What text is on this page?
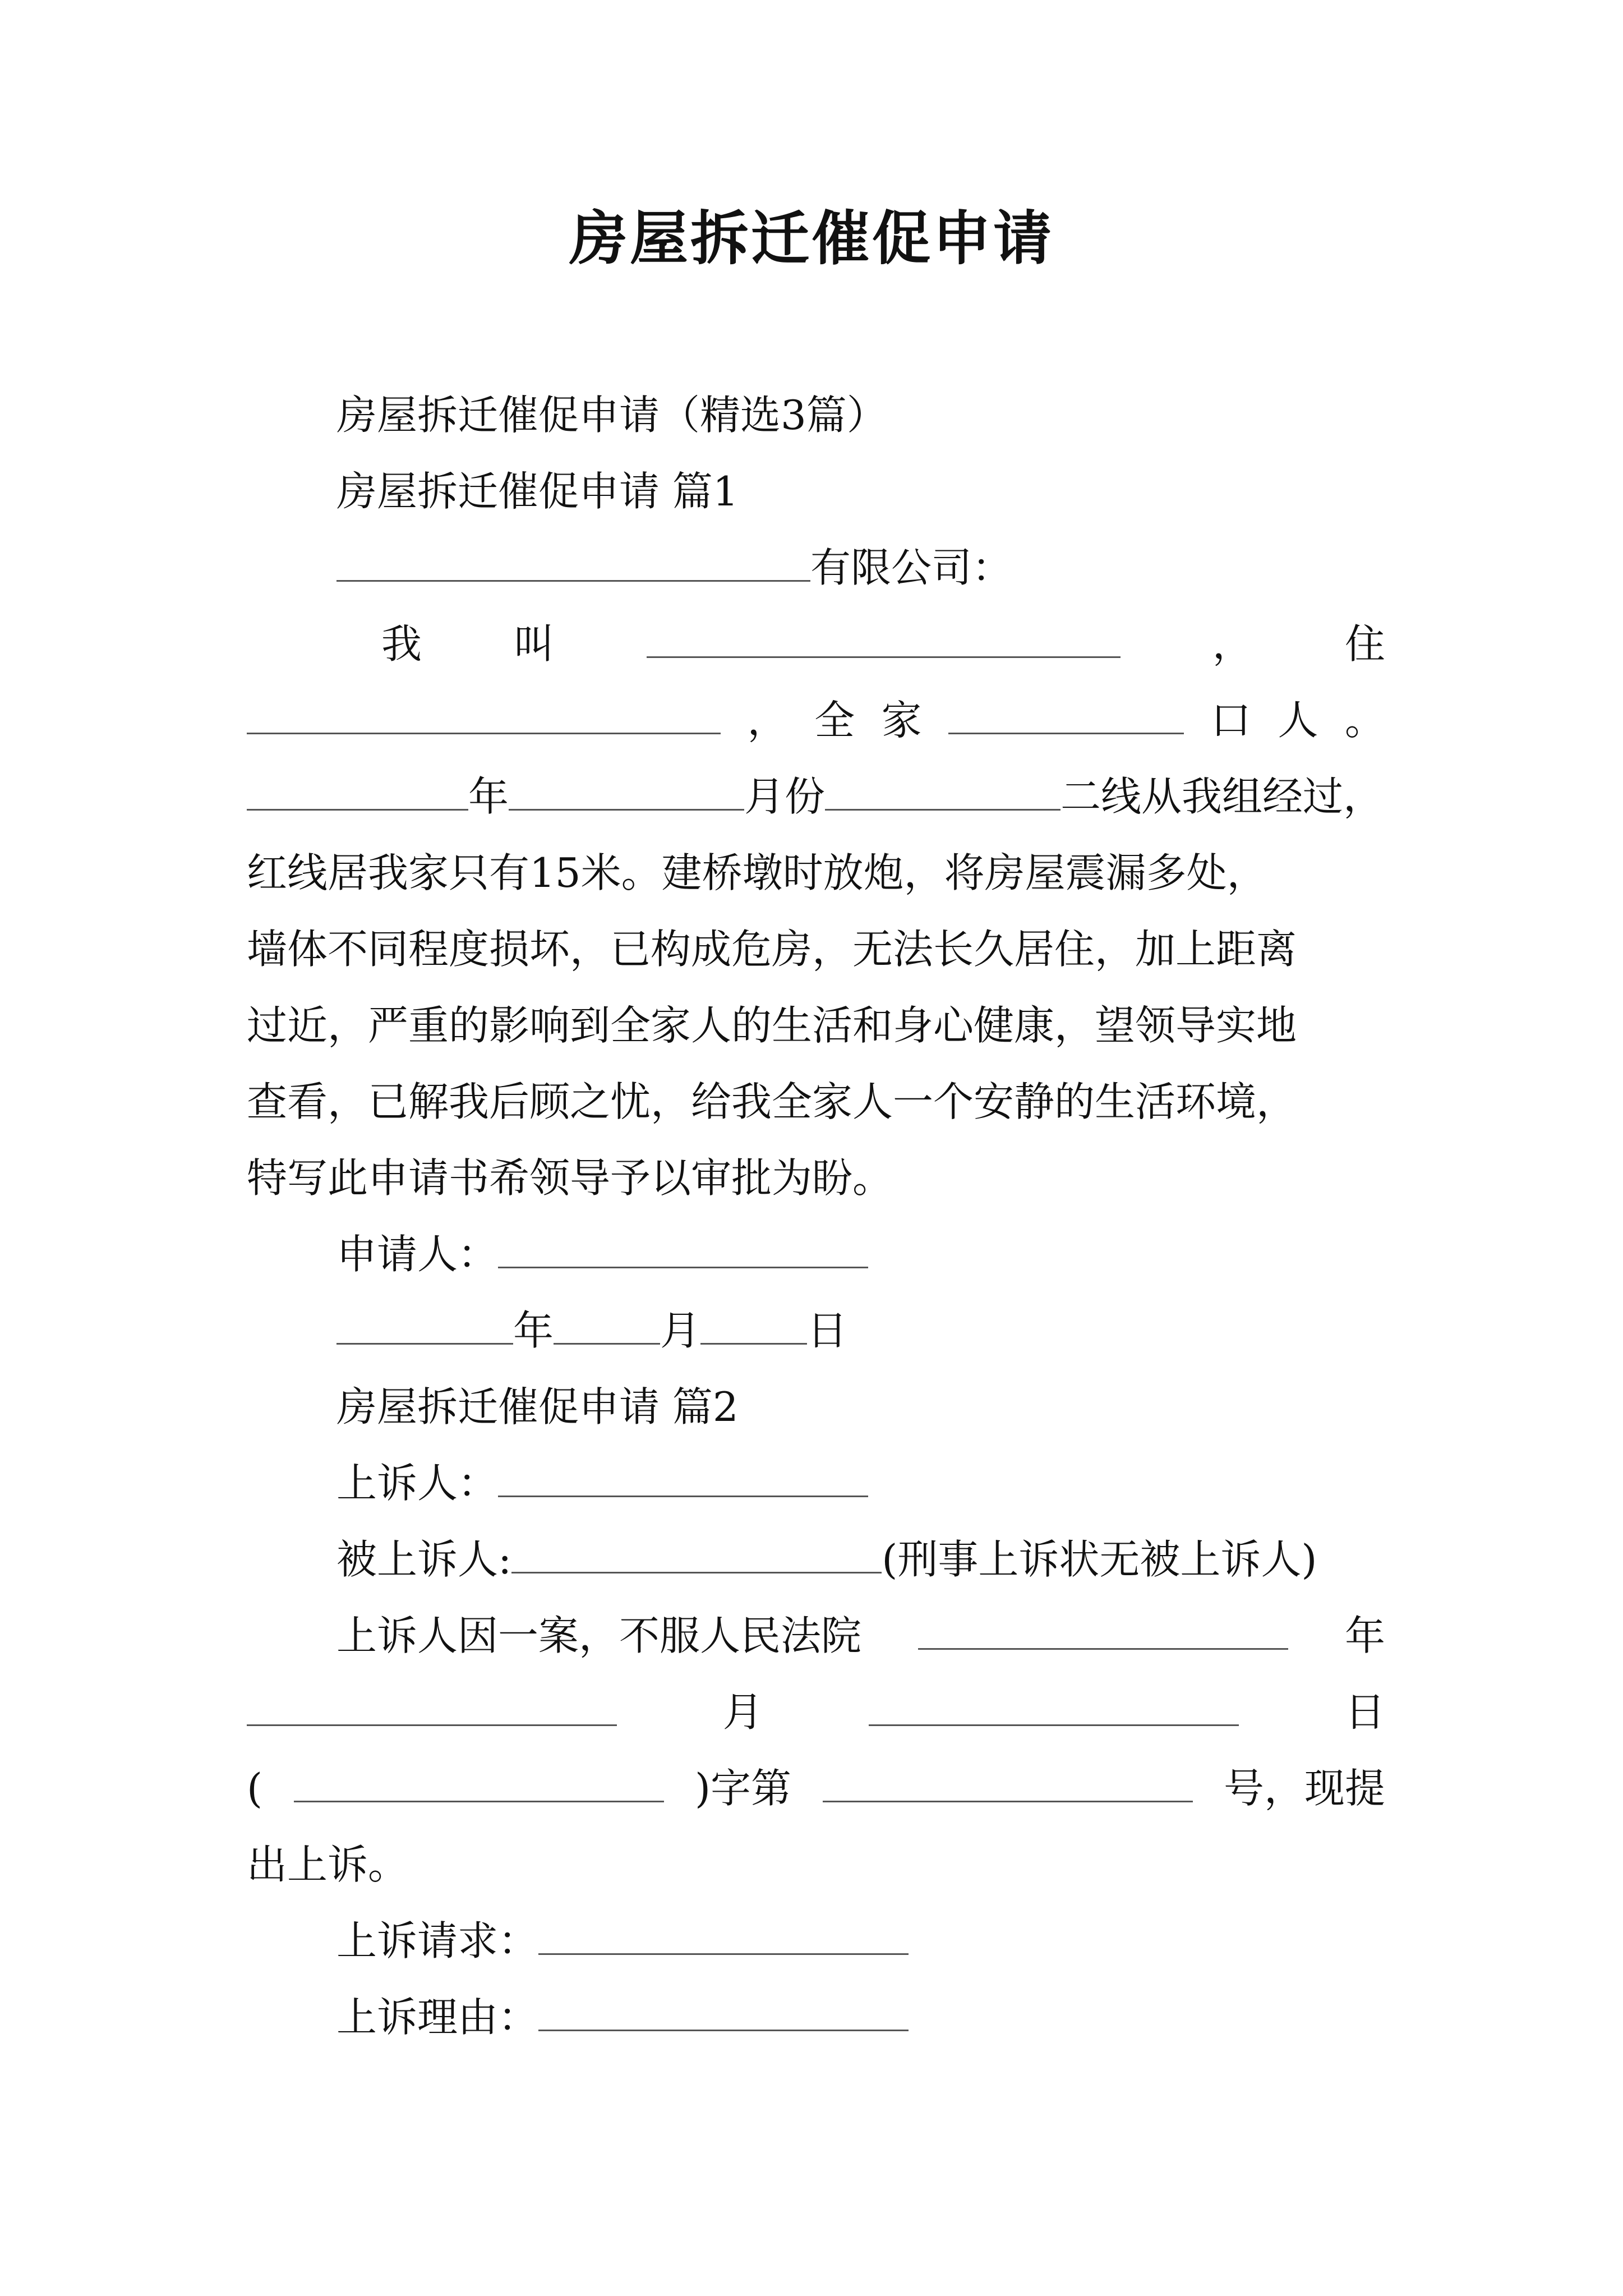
房屋拆迁催促申请
房屋拆迁催促申请（精选3篇）
房屋拆迁催促申请 篇1
有限公司：
我 叫	， 住
， 全 家	口 人 。
年	月份	二线从我组经过，
红线居我家只有15米。建桥墩时放炮，将房屋震漏多处，
墙体不同程度损坏，已构成危房，无法长久居住，加上距离
过近，严重的影响到全家人的生活和身心健康，望领导实地
查看，已解我后顾之忧，给我全家人一个安静的生活环境，
特写此申请书希领导予以审批为盼。
申请人：
年	月	日
房屋拆迁催促申请 篇2
上诉人：
被上诉人:	(刑事上诉状无被上诉人)
上诉人因一案，不服人民法院	年
月	日
(	)字第	号，现提
出上诉。
上诉请求：
上诉理由：
